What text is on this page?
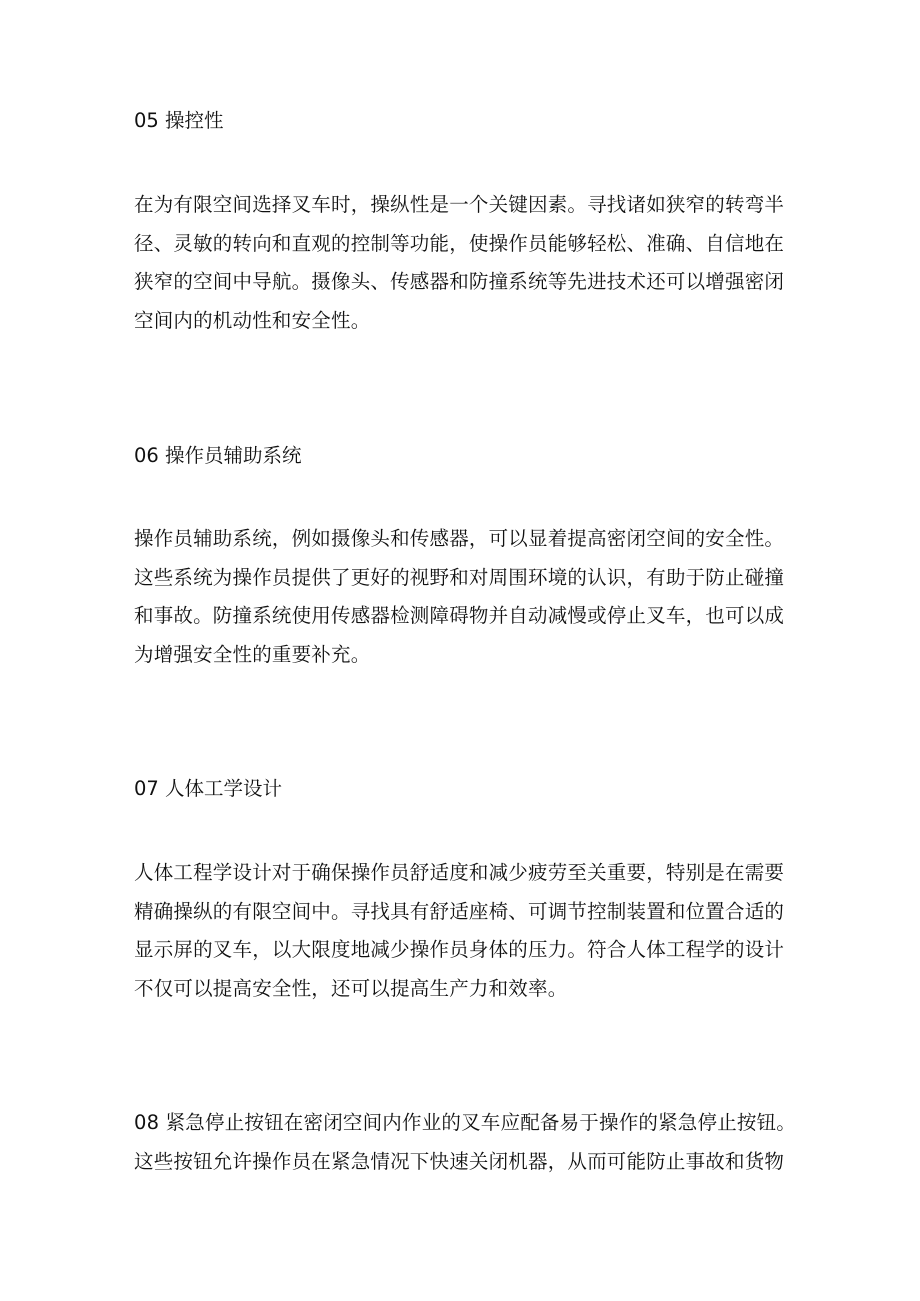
05 操控性
在为有限空间选择叉车时，操纵性是一个关键因素。寻找诸如狭窄的转弯半
径、灵敏的转向和直观的控制等功能，使操作员能够轻松、准确、自信地在
狭窄的空间中导航。摄像头、传感器和防撞系统等先进技术还可以增强密闭
空间内的机动性和安全性。
06 操作员辅助系统
操作员辅助系统，例如摄像头和传感器，可以显着提高密闭空间的安全性。
这些系统为操作员提供了更好的视野和对周围环境的认识，有助于防止碰撞
和事故。防撞系统使用传感器检测障碍物并自动减慢或停止叉车，也可以成
为增强安全性的重要补充。
07 人体工学设计
人体工程学设计对于确保操作员舒适度和减少疲劳至关重要，特别是在需要
精确操纵的有限空间中。寻找具有舒适座椅、可调节控制装置和位置合适的
显示屏的叉车，以大限度地减少操作员身体的压力。符合人体工程学的设计
不仅可以提高安全性，还可以提高生产力和效率。
08 紧急停止按钮在密闭空间内作业的叉车应配备易于操作的紧急停止按钮。
这些按钮允许操作员在紧急情况下快速关闭机器，从而可能防止事故和货物
